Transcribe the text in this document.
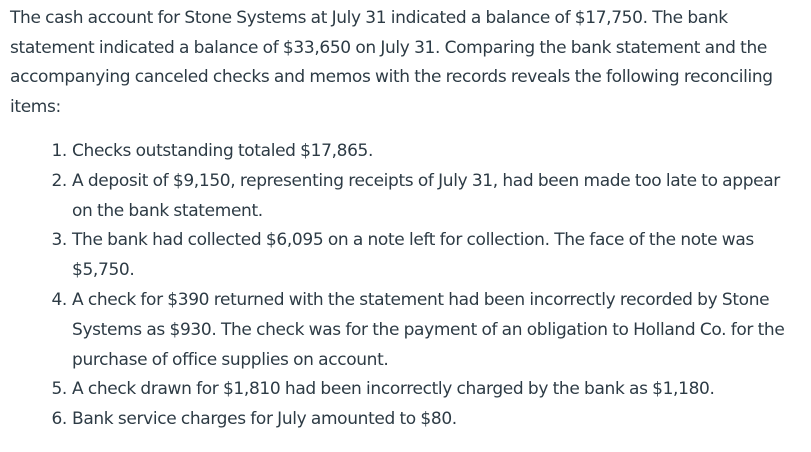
The cash account for Stone Systems at July 31 indicated a balance of $17,750. The bank statement indicated a balance of $33,650 on July 31. Comparing the bank statement and the accompanying canceled checks and memos with the records reveals the following reconciling items:

1. Checks outstanding totaled $17,865.
2. A deposit of $9,150, representing receipts of July 31, had been made too late to appear on the bank statement.
3. The bank had collected $6,095 on a note left for collection. The face of the note was $5,750.
4. A check for $390 returned with the statement had been incorrectly recorded by Stone Systems as $930. The check was for the payment of an obligation to Holland Co. for the purchase of office supplies on account.
5. A check drawn for $1,810 had been incorrectly charged by the bank as $1,180.
6. Bank service charges for July amounted to $80.
